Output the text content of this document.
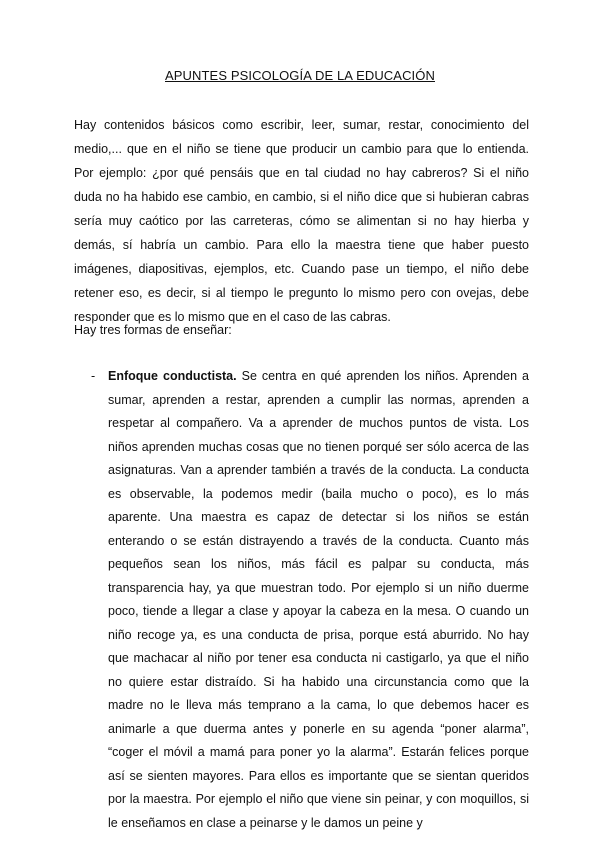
APUNTES PSICOLOGÍA DE LA EDUCACIÓN

Hay contenidos básicos como escribir, leer, sumar, restar, conocimiento del medio,... que en el niño se tiene que producir un cambio para que lo entienda. Por ejemplo: ¿por qué pensáis que en tal ciudad no hay cabreros? Si el niño duda no ha habido ese cambio, en cambio, si el niño dice que si hubieran cabras sería muy caótico por las carreteras, cómo se alimentan si no hay hierba y demás, sí habría un cambio. Para ello la maestra tiene que haber puesto imágenes, diapositivas, ejemplos, etc. Cuando pase un tiempo, el niño debe retener eso, es decir, si al tiempo le pregunto lo mismo pero con ovejas, debe responder que es lo mismo que en el caso de las cabras.

Hay tres formas de enseñar:

- Enfoque conductista. Se centra en qué aprenden los niños. Aprenden a sumar, aprenden a restar, aprenden a cumplir las normas, aprenden a respetar al compañero. Va a aprender de muchos puntos de vista. Los niños aprenden muchas cosas que no tienen porqué ser sólo acerca de las asignaturas. Van a aprender también a través de la conducta. La conducta es observable, la podemos medir (baila mucho o poco), es lo más aparente. Una maestra es capaz de detectar si los niños se están enterando o se están distrayendo a través de la conducta. Cuanto más pequeños sean los niños, más fácil es palpar su conducta, más transparencia hay, ya que muestran todo. Por ejemplo si un niño duerme poco, tiende a llegar a clase y apoyar la cabeza en la mesa. O cuando un niño recoge ya, es una conducta de prisa, porque está aburrido. No hay que machacar al niño por tener esa conducta ni castigarlo, ya que el niño no quiere estar distraído. Si ha habido una circunstancia como que la madre no le lleva más temprano a la cama, lo que debemos hacer es animarle a que duerma antes y ponerle en su agenda “poner alarma”, “coger el móvil a mamá para poner yo la alarma”. Estarán felices porque así se sienten mayores. Para ellos es importante que se sientan queridos por la maestra. Por ejemplo el niño que viene sin peinar, y con moquillos, si le enseñamos en clase a peinarse y le damos un peine y
